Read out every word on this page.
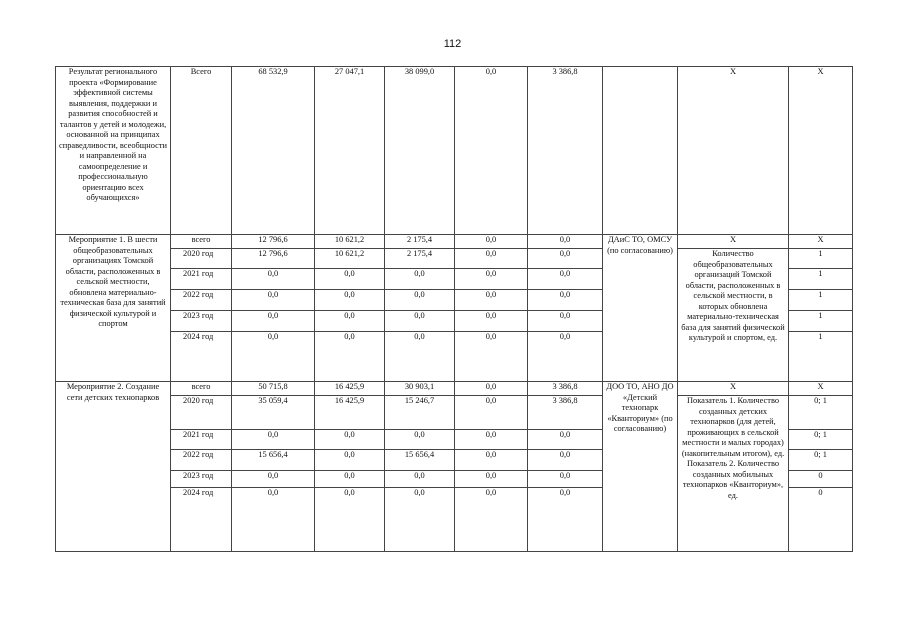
112
Результат регионального проекта «Формирование эффективной системы выявления, поддержки и развития способностей и талантов у детей и молодежи, основанной на принципах справедливости, всеобщности и направленной на самоопределение и профессиональную ориентацию всех обучающихся»	Всего	68 532,9	27 047,1	38 099,0	0,0	3 386,8		X	X
Мероприятие 1. В шести общеобразовательных организациях Томской области, расположенных в сельской местности, обновлена материально-техническая база для занятий физической культурой и спортом	всего	12 796,6	10 621,2	2 175,4	0,0	0,0	ДАиС ТО, ОМСУ (по согласованию)	X	X
	2020 год	12 796,6	10 621,2	2 175,4	0,0	0,0		Количество общеобразовательных организаций Томской области, расположенных в сельской местности, в которых обновлена материально-техническая база для занятий физической культурой и спортом, ед.	1
	2021 год	0,0	0,0	0,0	0,0	0,0			1
	2022 год	0,0	0,0	0,0	0,0	0,0			1
	2023 год	0,0	0,0	0,0	0,0	0,0			1
	2024 год	0,0	0,0	0,0	0,0	0,0			1
Мероприятие 2. Создание сети детских технопарков	всего	50 715,8	16 425,9	30 903,1	0,0	3 386,8	ДОО ТО, АНО ДО «Детский технопарк «Кванториум» (по согласованию)	X	X
	2020 год	35 059,4	16 425,9	15 246,7	0,0	3 386,8		Показатель 1. Количество созданных детских технопарков (для детей, проживающих в сельской местности и малых городах) (накопительным итогом), ед. Показатель 2. Количество созданных мобильных технопарков «Кванториум», ед.	0; 1
	2021 год	0,0	0,0	0,0	0,0	0,0			0; 1
	2022 год	15 656,4	0,0	15 656,4	0,0	0,0			0; 1
	2023 год	0,0	0,0	0,0	0,0	0,0			0
	2024 год	0,0	0,0	0,0	0,0	0,0			0
